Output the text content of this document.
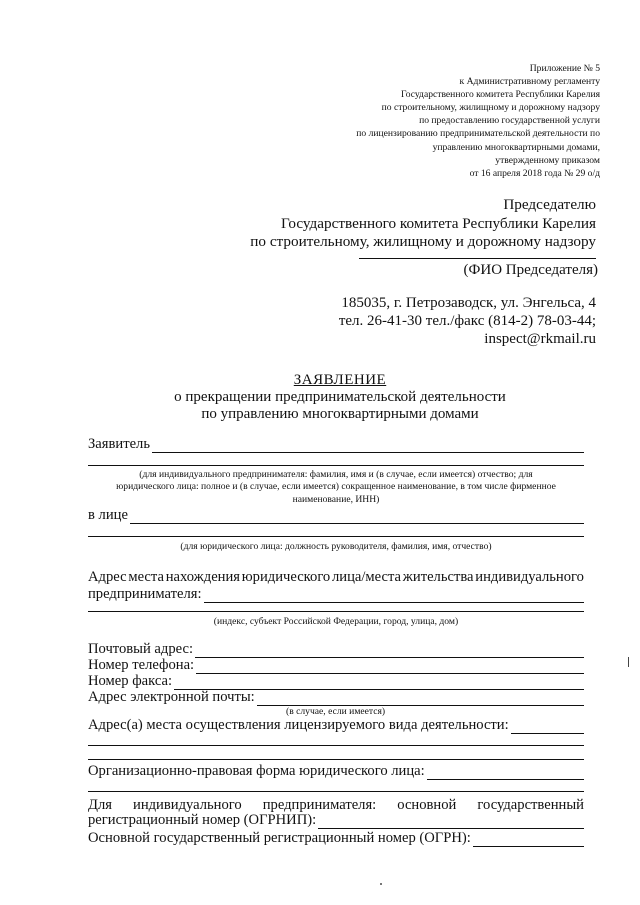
Приложение № 5
к Административному регламенту
Государственного комитета Республики Карелия
по строительному, жилищному и дорожному надзору
по предоставлению государственной услуги
по лицензированию предпринимательской деятельности по
управлению многоквартирными домами,
утвержденному приказом
от 16 апреля 2018 года № 29 о/д
Председателю
Государственного комитета Республики Карелия
по строительному, жилищному и дорожному надзору
(ФИО Председателя)
185035, г. Петрозаводск, ул. Энгельса, 4
тел. 26-41-30 тел./факс (814-2) 78-03-44;
inspect@rkmail.ru
ЗАЯВЛЕНИЕ
о прекращении предпринимательской деятельности
по управлению многоквартирными домами
Заявитель
(для индивидуального предпринимателя: фамилия, имя и (в случае, если имеется) отчество; для
юридического лица: полное и (в случае, если имеется) сокращенное наименование, в том числе фирменное
наименование, ИНН)
в лице
(для юридического лица: должность руководителя, фамилия, имя, отчество)
Адрес места нахождения юридического лица/места жительства индивидуального
предпринимателя:
(индекс, субъект Российской Федерации, город, улица, дом)
Почтовый адрес:
Номер телефона:
Номер факса:
Адрес электронной почты:
(в случае, если имеется)
Адрес(а) места осуществления лицензируемого вида деятельности:
Организационно-правовая форма юридического лица:
Для индивидуального предпринимателя: основной государственный
регистрационный номер (ОГРНИП):
Основной государственный регистрационный номер (ОГРН):
